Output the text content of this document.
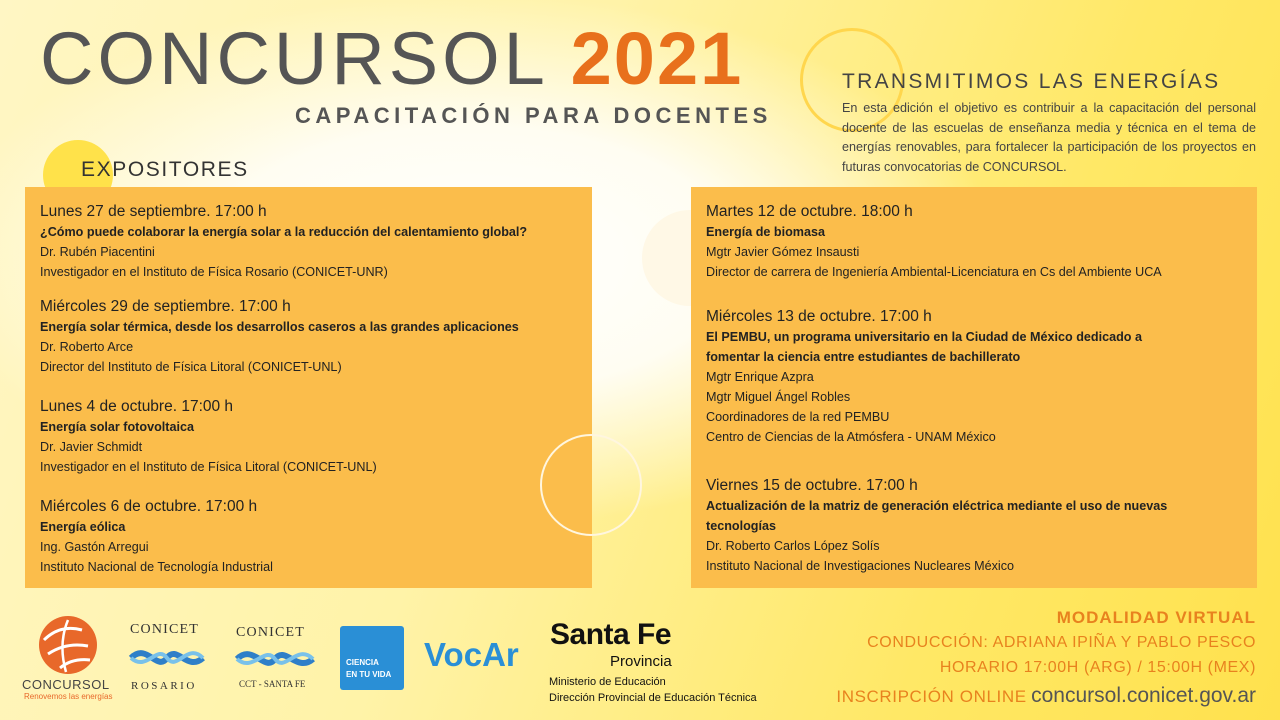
CONCURSOL 2021
CAPACITACIÓN PARA DOCENTES
TRANSMITIMOS LAS ENERGÍAS
En esta edición el objetivo es contribuir a la capacitación del personal docente de las escuelas de enseñanza media y técnica en el tema de energías renovables, para fortalecer la participación de los proyectos en futuras convocatorias de CONCURSOL.
EXPOSITORES
Lunes 27 de septiembre. 17:00 h
¿Cómo puede colaborar la energía solar a la reducción del calentamiento global?
Dr. Rubén Piacentini
Investigador en el Instituto de Física Rosario (CONICET-UNR)
Miércoles 29 de septiembre. 17:00 h
Energía solar térmica, desde los desarrollos caseros a las grandes aplicaciones
Dr. Roberto Arce
Director del Instituto de Física Litoral (CONICET-UNL)
Lunes 4 de octubre. 17:00 h
Energía solar fotovoltaica
Dr. Javier Schmidt
Investigador en el Instituto de Física Litoral (CONICET-UNL)
Miércoles 6 de octubre. 17:00 h
Energía eólica
Ing. Gastón Arregui
Instituto Nacional de Tecnología Industrial
Martes 12 de octubre. 18:00 h
Energía de biomasa
Mgtr Javier Gómez Insausti
Director de carrera de Ingeniería Ambiental-Licenciatura en Cs del Ambiente UCA
Miércoles 13 de octubre. 17:00 h
El PEMBU, un programa universitario en la Ciudad de México dedicado a fomentar la ciencia entre estudiantes de bachillerato
Mgtr Enrique Azpra
Mgtr Miguel Ángel Robles
Coordinadores de la red PEMBU
Centro de Ciencias de la Atmósfera - UNAM México
Viernes 15 de octubre. 17:00 h
Actualización de la matriz de generación eléctrica mediante el uso de nuevas tecnologías
Dr. Roberto Carlos López Solís
Instituto Nacional de Investigaciones Nucleares México
CONCURSOL
Renovemos las energías
CONICET
ROSARIO
CONICET
CCT - SANTA FE
CIENCIA
EN TU VIDA
VocAr
Santa Fe
Provincia
Ministerio de Educación
Dirección Provincial de Educación Técnica
MODALIDAD VIRTUAL
CONDUCCIÓN: ADRIANA IPIÑA Y PABLO PESCO
HORARIO 17:00H (ARG) / 15:00H (MEX)
INSCRIPCIÓN ONLINE concursol.conicet.gov.ar
